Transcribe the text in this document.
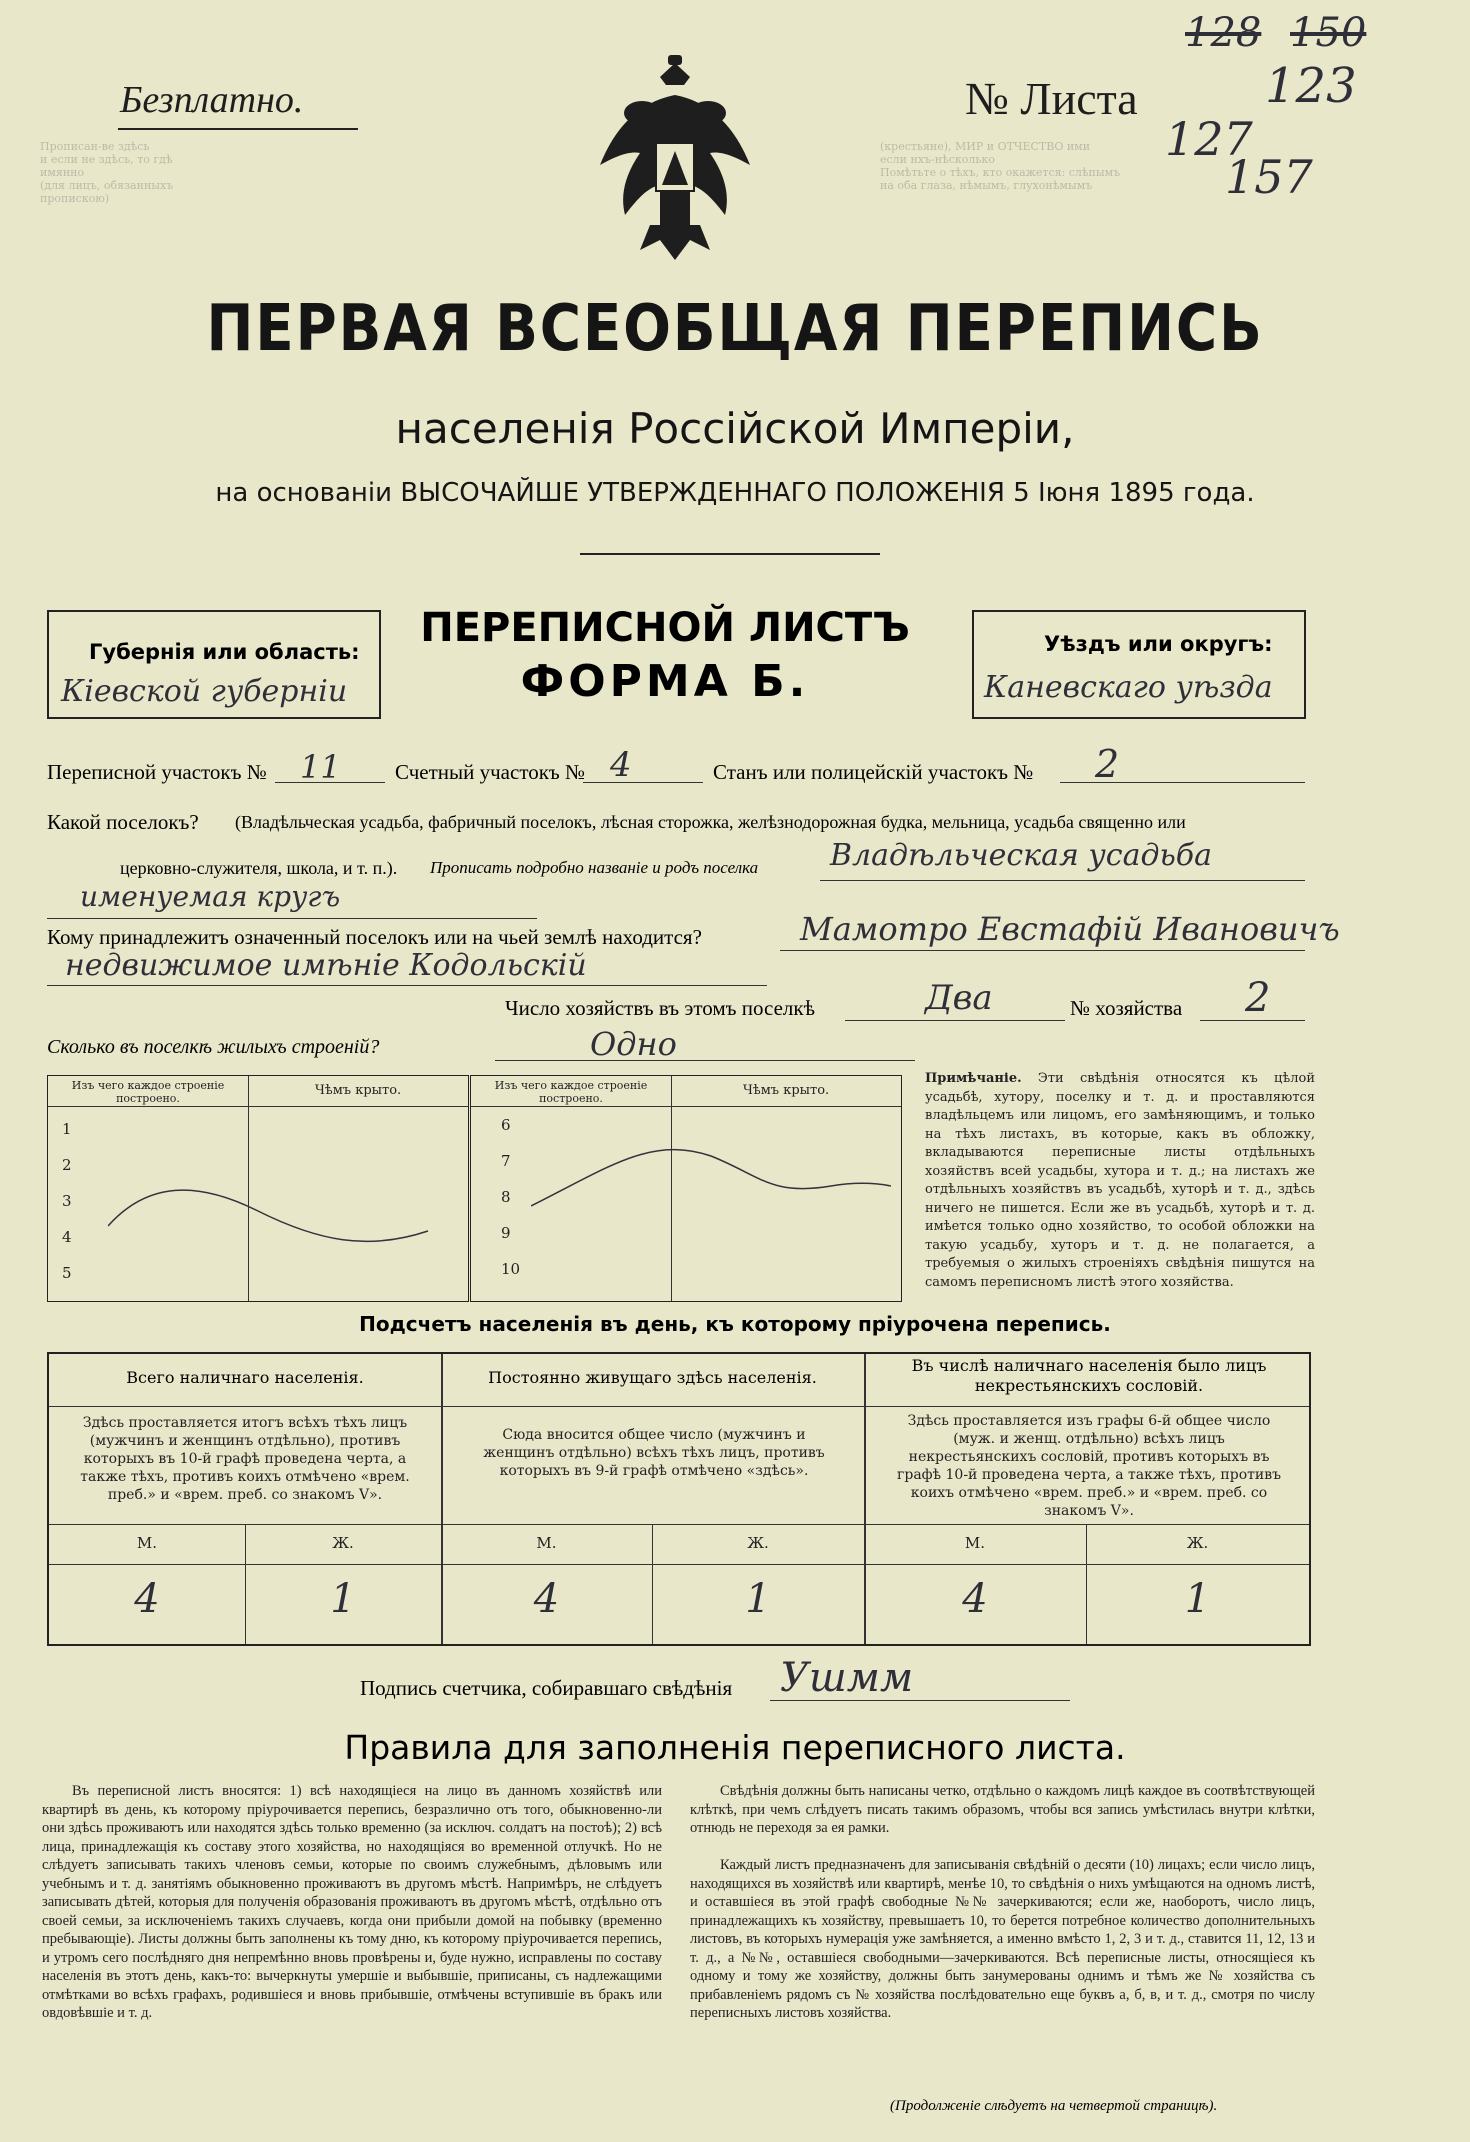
Прописан-ве здѣсь
и если не здѣсь, то гдѣ
имянно
(для лицъ, обязанныхъ
пропискою)
(крестьяне), МИР и ОТЧЕСТВО ими
если нхъ-нѣсколько
Помѣтьте о тѣхъ, кто окажется: слѣпымъ
на оба глаза, нѣмымъ, глухонѣмымъ
Безплатно.	№ Листа
128 150
123
127
157
ПЕРВАЯ ВСЕОБЩАЯ ПЕРЕПИСЬ
населенія Россійской Имперіи,
на основаніи ВЫСОЧАЙШЕ УТВЕРЖДЕННАГО ПОЛОЖЕНІЯ 5 Іюня 1895 года.
Губернія или область:
Кіевской губерніи
ПЕРЕПИСНОЙ ЛИСТЪ
ФОРМА Б.
Уѣздъ или округъ:
Каневскаго уѣзда
Переписной участокъ № 11	Счетный участокъ № 4	Станъ или полицейскій участокъ № 2
Какой поселокъ? (Владѣльческая усадьба, фабричный поселокъ, лѣсная сторожка, желѣзнодорожная будка, мельница, усадьба священно или
церковно-служителя, школа, и т. п.). Прописать подробно названіе и родъ поселка Владѣльческая усадьба
именуемая кругъ
Кому принадлежитъ означенный поселокъ или на чьей землѣ находится?	Мамотро Евстафій Ивановичъ
недвижимое имѣніе Кодольскій
Число хозяйствъ въ этомъ поселкѣ	Два	№ хозяйства 2
Сколько въ поселкѣ жилыхъ строеній?	Одно
Изъ чего каждое строеніе построено.
Чѣмъ крыто.
1
2
3
4
5
Изъ чего каждое строеніе построено.
Чѣмъ крыто.
6
7
8
9
10
Примѣчаніе. Эти свѣдѣнія относятся къ цѣлой усадьбѣ, хутору, поселку и т. д. и проставляются владѣльцемъ или лицомъ, его замѣняющимъ, и только на тѣхъ листахъ, въ которые, какъ въ обложку, вкладываются переписные листы отдѣльныхъ хозяйствъ всей усадьбы, хутора и т. д.; на листахъ же отдѣльныхъ хозяйствъ въ усадьбѣ, хуторѣ и т. д., здѣсь ничего не пишется. Если же въ усадьбѣ, хуторѣ и т. д. имѣется только одно хозяйство, то особой обложки на такую усадьбу, хуторъ и т. д. не полагается, а требуемыя о жилыхъ строеніяхъ свѣдѣнія пишутся на самомъ переписномъ листѣ этого хозяйства.
Подсчетъ населенія въ день, къ которому пріурочена перепись.
Всего наличнаго населенія.
Здѣсь проставляется итогъ всѣхъ тѣхъ лицъ (мужчинъ и женщинъ отдѣльно), противъ которыхъ въ 10-й графѣ проведена черта, а также тѣхъ, противъ коихъ отмѣчено «врем. преб.» и «врем. преб. со знакомъ V».
Постоянно живущаго здѣсь населенія.
Сюда вносится общее число (мужчинъ и женщинъ отдѣльно) всѣхъ тѣхъ лицъ, противъ которыхъ въ 9-й графѣ отмѣчено «здѣсь».
Въ числѣ наличнаго населенія было лицъ некрестьянскихъ сословій.
Здѣсь проставляется изъ графы 6-й общее число (муж. и женщ. отдѣльно) всѣхъ лицъ некрестьянскихъ сословій, противъ которыхъ въ графѣ 10-й проведена черта, а также тѣхъ, противъ коихъ отмѣчено «врем. преб.» и «врем. преб. со знакомъ V».
М.	Ж.	М.	Ж.	М.	Ж.
4	1	4	1	4	1
Подпись счетчика, собиравшаго свѣдѣнія Ушмм
Правила для заполненія переписного листа.
Въ переписной листъ вносятся: 1) всѣ находящіеся на лицо въ данномъ хозяйствѣ или квартирѣ въ день, къ которому пріурочивается перепись, безразлично отъ того, обыкновенно-ли они здѣсь проживаютъ или находятся здѣсь только временно (за исключ. солдатъ на постоѣ); 2) всѣ лица, принадлежащія къ составу этого хозяйства, но находящіяся во временной отлучкѣ. Но не слѣдуетъ записывать такихъ членовъ семьи, которые по своимъ служебнымъ, дѣловымъ или учебнымъ и т. д. занятіямъ обыкновенно проживаютъ въ другомъ мѣстѣ. Напримѣръ, не слѣдуетъ записывать дѣтей, которыя для полученія образованія проживаютъ въ другомъ мѣстѣ, отдѣльно отъ своей семьи, за исключеніемъ такихъ случаевъ, когда они прибыли домой на побывку (временно пребывающіе). Листы должны быть заполнены къ тому дню, къ которому пріурочивается перепись, и утромъ сего послѣдняго дня непремѣнно вновь провѣрены и, буде нужно, исправлены по составу населенія въ этотъ день, какъ-то: вычеркнуты умершіе и выбывшіе, приписаны, съ надлежащими отмѣтками во всѣхъ графахъ, родившіеся и вновь прибывшіе, отмѣчены вступившіе въ бракъ или овдовѣвшіе и т. д.
Свѣдѣнія должны быть написаны четко, отдѣльно о каждомъ лицѣ каждое въ соотвѣтствующей клѣткѣ, при чемъ слѣдуетъ писать такимъ образомъ, чтобы вся запись умѣстилась внутри клѣтки, отнюдь не переходя за ея рамки.
Каждый листъ предназначенъ для записыванія свѣдѣній о десяти (10) лицахъ; если число лицъ, находящихся въ хозяйствѣ или квартирѣ, менѣе 10, то свѣдѣнія о нихъ умѣщаются на одномъ листѣ, и оставшіеся въ этой графѣ свободные №№ зачеркиваются; если же, наоборотъ, число лицъ, принадлежащихъ къ хозяйству, превышаетъ 10, то берется потребное количество дополнительныхъ листовъ, въ которыхъ нумерація уже замѣняется, а именно вмѣсто 1, 2, 3 и т. д., ставится 11, 12, 13 и т. д., а №№, оставшіеся свободными—зачеркиваются. Всѣ переписные листы, относящіеся къ одному и тому же хозяйству, должны быть занумерованы однимъ и тѣмъ же № хозяйства съ прибавленіемъ рядомъ съ № хозяйства послѣдовательно еще буквъ а, б, в, и т. д., смотря по числу переписныхъ листовъ хозяйства.
(Продолженіе слѣдуетъ на четвертой страницѣ).
